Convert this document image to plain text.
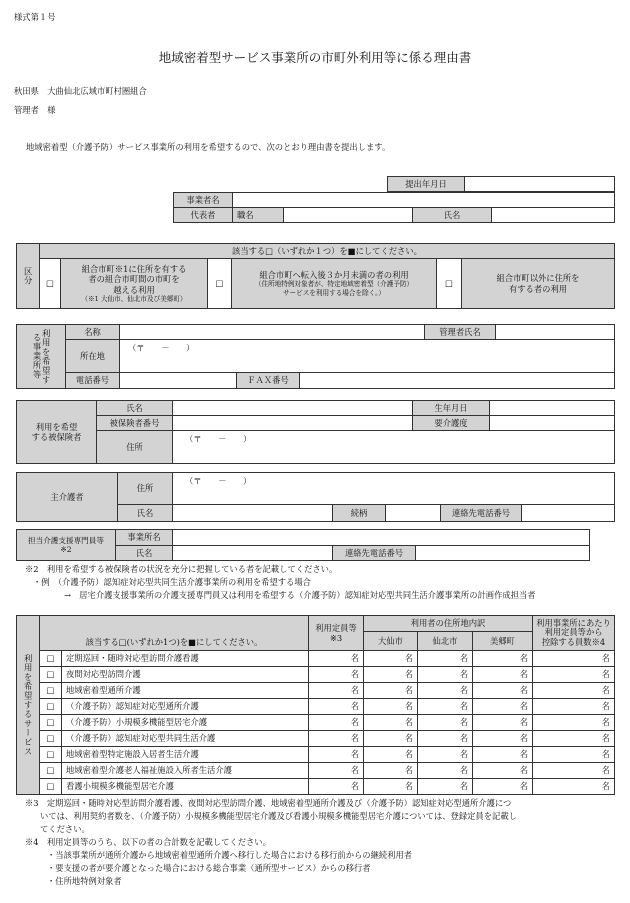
様式第１号
地域密着型サービス事業所の市町外利用等に係る理由書
秋田県　大曲仙北広域市町村圏組合
管理者　様
地域密着型（介護予防）サービス事業所の利用を希望するので、次のとおり理由書を提出します。
提出年月日
事業者名
代表者	職名	氏名
区分
該当する□（いずれか１つ）を■にしてください。
□
組合市町※1に住所を有する
者の組合市町間の市町を
越える利用
（※1 大仙市、仙北市及び美郷町）
□
組合市町へ転入後３か月未満の者の利用
（住所地特例対象者が、特定地域密着型（介護予防）
サービスを利用する場合を除く。）
□
組合市町以外に住所を
有する者の利用
利用を希望する事業所等
名称	管理者氏名
所在地
（〒　　－　　）
電話番号	ＦＡＸ番号
利用を希望
する被保険者
氏名	生年月日
被保険者番号	要介護度
住所
（〒　　－　　）
主介護者
住所
（〒　　－　　）
氏名	続柄	連絡先電話番号
担当介護支援専門員等
※2
事業所名
氏名	連絡先電話番号
※2　利用を希望する被保険者の状況を充分に把握している者を記載してください。
・例　（介護予防）認知症対応型共同生活介護事業所の利用を希望する場合
→　居宅介護支援事業所の介護支援専門員又は利用を希望する（介護予防）認知症対応型共同生活介護事業所の計画作成担当者
利用を希望するサービス
該当する□(いずれか1つ)を■にしてください。
利用定員等
※3
利用者の住所地内訳
大仙市	仙北市	美郷町
利用事業所にあたり
利用定員等から
控除する員数※4
□	定期巡回・随時対応型訪問介護看護	名	名	名	名	名
□	夜間対応型訪問介護	名	名	名	名	名
□	地域密着型通所介護	名	名	名	名	名
□	（介護予防）認知症対応型通所介護	名	名	名	名	名
□	（介護予防）小規模多機能型居宅介護	名	名	名	名	名
□	（介護予防）認知症対応型共同生活介護	名	名	名	名	名
□	地域密着型特定施設入居者生活介護	名	名	名	名	名
□	地域密着型介護老人福祉施設入所者生活介護	名	名	名	名	名
□	看護小規模多機能型居宅介護	名	名	名	名	名
※3　定期巡回・随時対応型訪問介護看護、夜間対応型訪問介護、地域密着型通所介護及び（介護予防）認知症対応型通所介護につ
いては、利用契約者数を、（介護予防）小規模多機能型居宅介護及び看護小規模多機能型居宅介護については、登録定員を記載し
てください。
※4　利用定員等のうち、以下の者の合計数を記載してください。
・当該事業所が通所介護から地域密着型通所介護へ移行した場合における移行前からの継続利用者
・要支援の者が要介護となった場合における総合事業（通所型サービス）からの移行者
・住所地特例対象者
